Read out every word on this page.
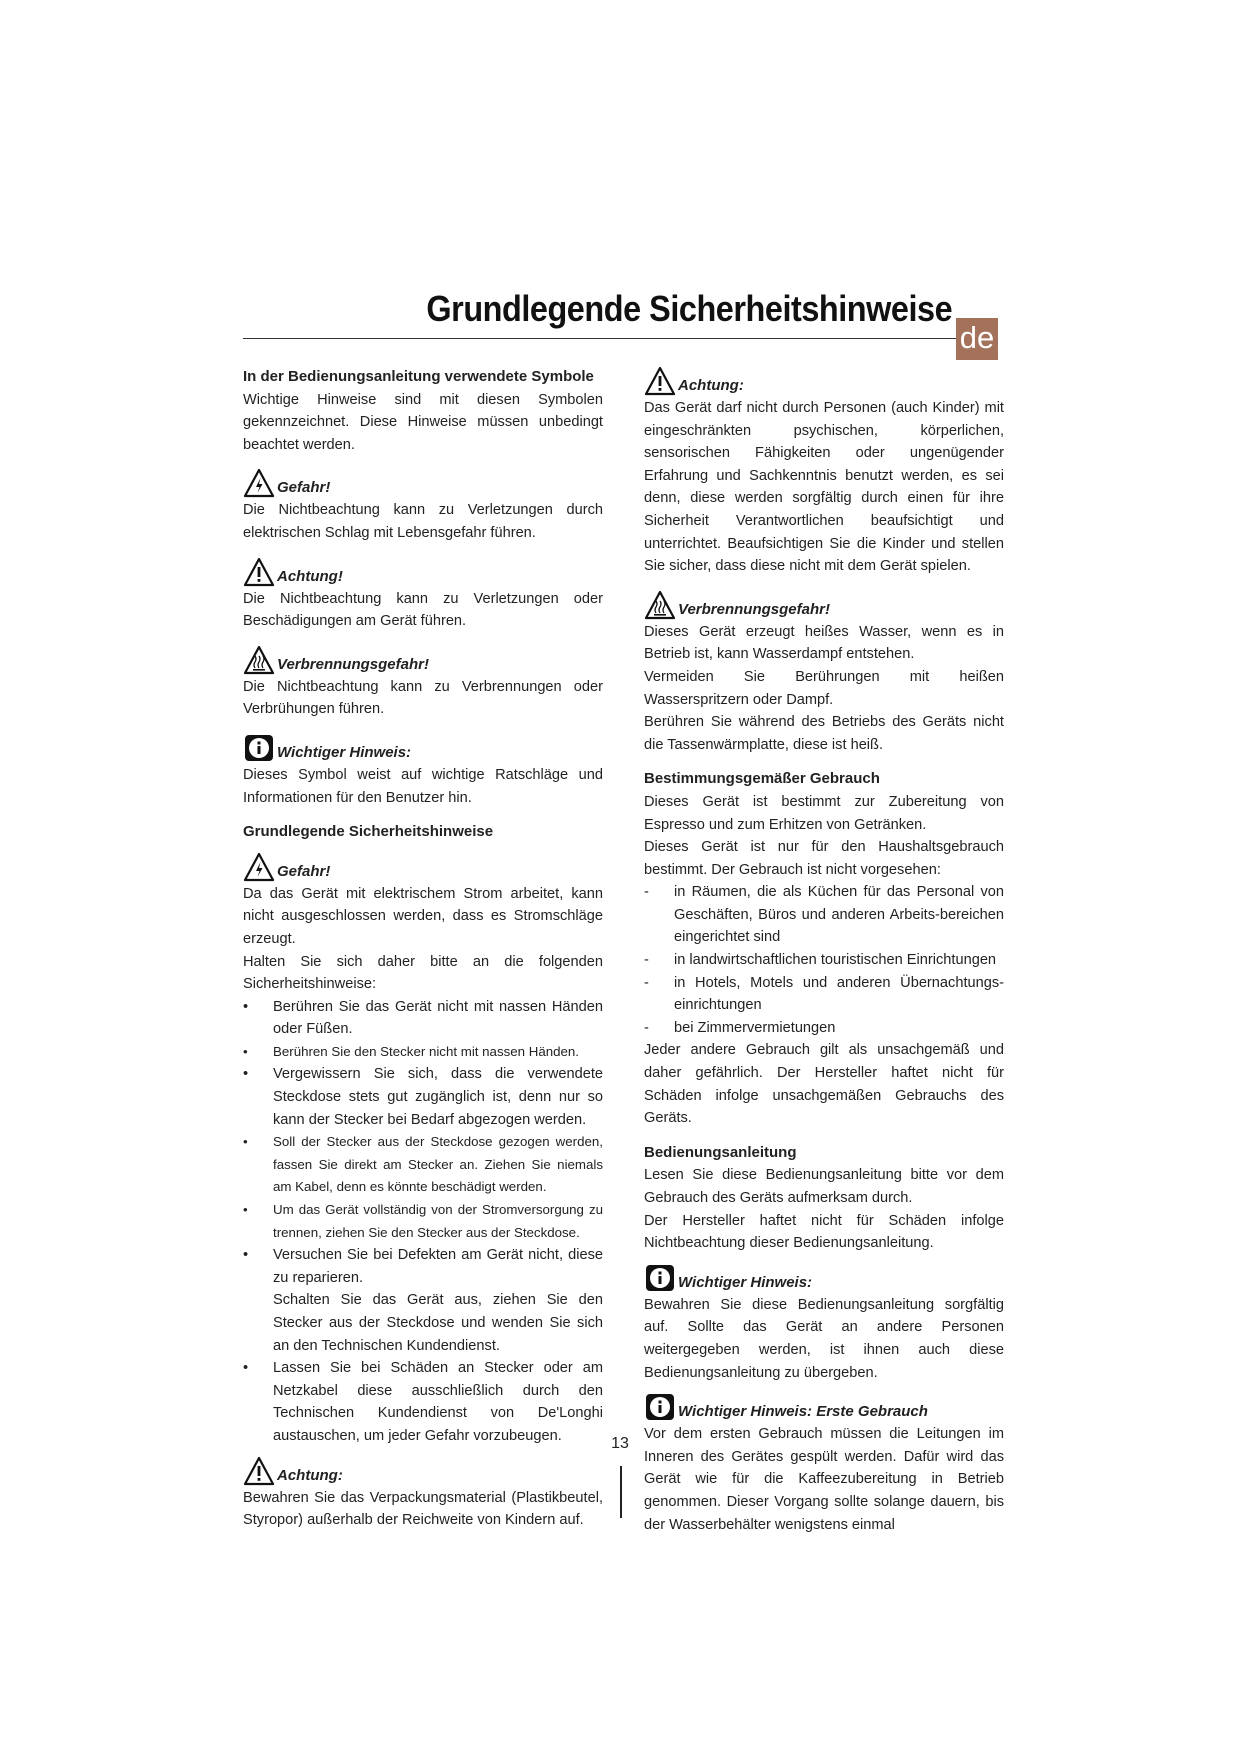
Grundlegende Sicherheitshinweise
de
In der Bedienungsanleitung verwendete Symbole

Wichtige Hinweise sind mit diesen Symbolen gekennzeichnet. Diese Hinweise müssen unbedingt beachtet werden.

Gefahr!

Die Nichtbeachtung kann zu Verletzungen durch elektrischen Schlag mit Lebensgefahr führen.

Achtung!

Die Nichtbeachtung kann zu Verletzungen oder Beschädigungen am Gerät führen.

Verbrennungsgefahr!

Die Nichtbeachtung kann zu Verbrennungen oder Verbrühungen führen.

Wichtiger Hinweis:

Dieses Symbol weist auf wichtige Ratschläge und Informationen für den Benutzer hin.

Grundlegende Sicherheitshinweise
Gefahr!

Da das Gerät mit elektrischem Strom arbeitet, kann nicht ausgeschlossen werden, dass es Stromschläge erzeugt.

Halten Sie sich daher bitte an die folgenden Sicherheitshinweise:

• Berühren Sie das Gerät nicht mit nassen Händen oder Füßen.
• Berühren Sie den Stecker nicht mit nassen Händen.
• Vergewissern Sie sich, dass die verwendete Steckdose stets gut zugänglich ist, denn nur so kann der Stecker bei Bedarf abgezogen werden.
• Soll der Stecker aus der Steckdose gezogen werden, fassen Sie direkt am Stecker an. Ziehen Sie niemals am Kabel, denn es könnte beschädigt werden.
• Um das Gerät vollständig von der Stromversorgung zu trennen, ziehen Sie den Stecker aus der Steckdose.
• Versuchen Sie bei Defekten am Gerät nicht, diese zu reparieren.
Schalten Sie das Gerät aus, ziehen Sie den Stecker aus der Steckdose und wenden Sie sich an den Technischen Kundendienst.
• Lassen Sie bei Schäden an Stecker oder am Netzkabel diese ausschließlich durch den Technischen Kundendienst von De'Longhi austauschen, um jeder Gefahr vorzubeugen.
Achtung:

Bewahren Sie das Verpackungsmaterial (Plastikbeutel, Styropor) außerhalb der Reichweite von Kindern auf.

Achtung:

Das Gerät darf nicht durch Personen (auch Kinder) mit eingeschränkten psychischen, körperlichen, sensorischen Fähigkeiten oder ungenügender Erfahrung und Sachkenntnis benutzt werden, es sei denn, diese werden sorgfältig durch einen für ihre Sicherheit Verantwortlichen beaufsichtigt und unterrichtet. Beaufsichtigen Sie die Kinder und stellen Sie sicher, dass diese nicht mit dem Gerät spielen.

Verbrennungsgefahr!

Dieses Gerät erzeugt heißes Wasser, wenn es in Betrieb ist, kann Wasserdampf entstehen.

Vermeiden Sie Berührungen mit heißen Wasserspritzern oder Dampf.

Berühren Sie während des Betriebs des Geräts nicht die Tassenwärmplatte, diese ist heiß.

Bestimmungsgemäßer Gebrauch

Dieses Gerät ist bestimmt zur Zubereitung von Espresso und zum Erhitzen von Getränken.

Dieses Gerät ist nur für den Haushaltsgebrauch bestimmt. Der Gebrauch ist nicht vorgesehen:

- in Räumen, die als Küchen für das Personal von Geschäften, Büros und anderen Arbeits-bereichen eingerichtet sind
- in landwirtschaftlichen touristischen Einrichtungen
- in Hotels, Motels und anderen Übernachtungs-einrichtungen
- bei Zimmervermietungen

Jeder andere Gebrauch gilt als unsachgemäß und daher gefährlich. Der Hersteller haftet nicht für Schäden infolge unsachgemäßen Gebrauchs des Geräts.

Bedienungsanleitung

Lesen Sie diese Bedienungsanleitung bitte vor dem Gebrauch des Geräts aufmerksam durch.

Der Hersteller haftet nicht für Schäden infolge Nichtbeachtung dieser Bedienungsanleitung.

Wichtiger Hinweis:

Bewahren Sie diese Bedienungsanleitung sorgfältig auf. Sollte das Gerät an andere Personen weitergegeben werden, ist ihnen auch diese Bedienungsanleitung zu übergeben.

Wichtiger Hinweis: Erste Gebrauch

Vor dem ersten Gebrauch müssen die Leitungen im Inneren des Gerätes gespült werden. Dafür wird das Gerät wie für die Kaffeezubereitung in Betrieb genommen. Dieser Vorgang sollte solange dauern, bis der Wasserbehälter wenigstens einmal

13
